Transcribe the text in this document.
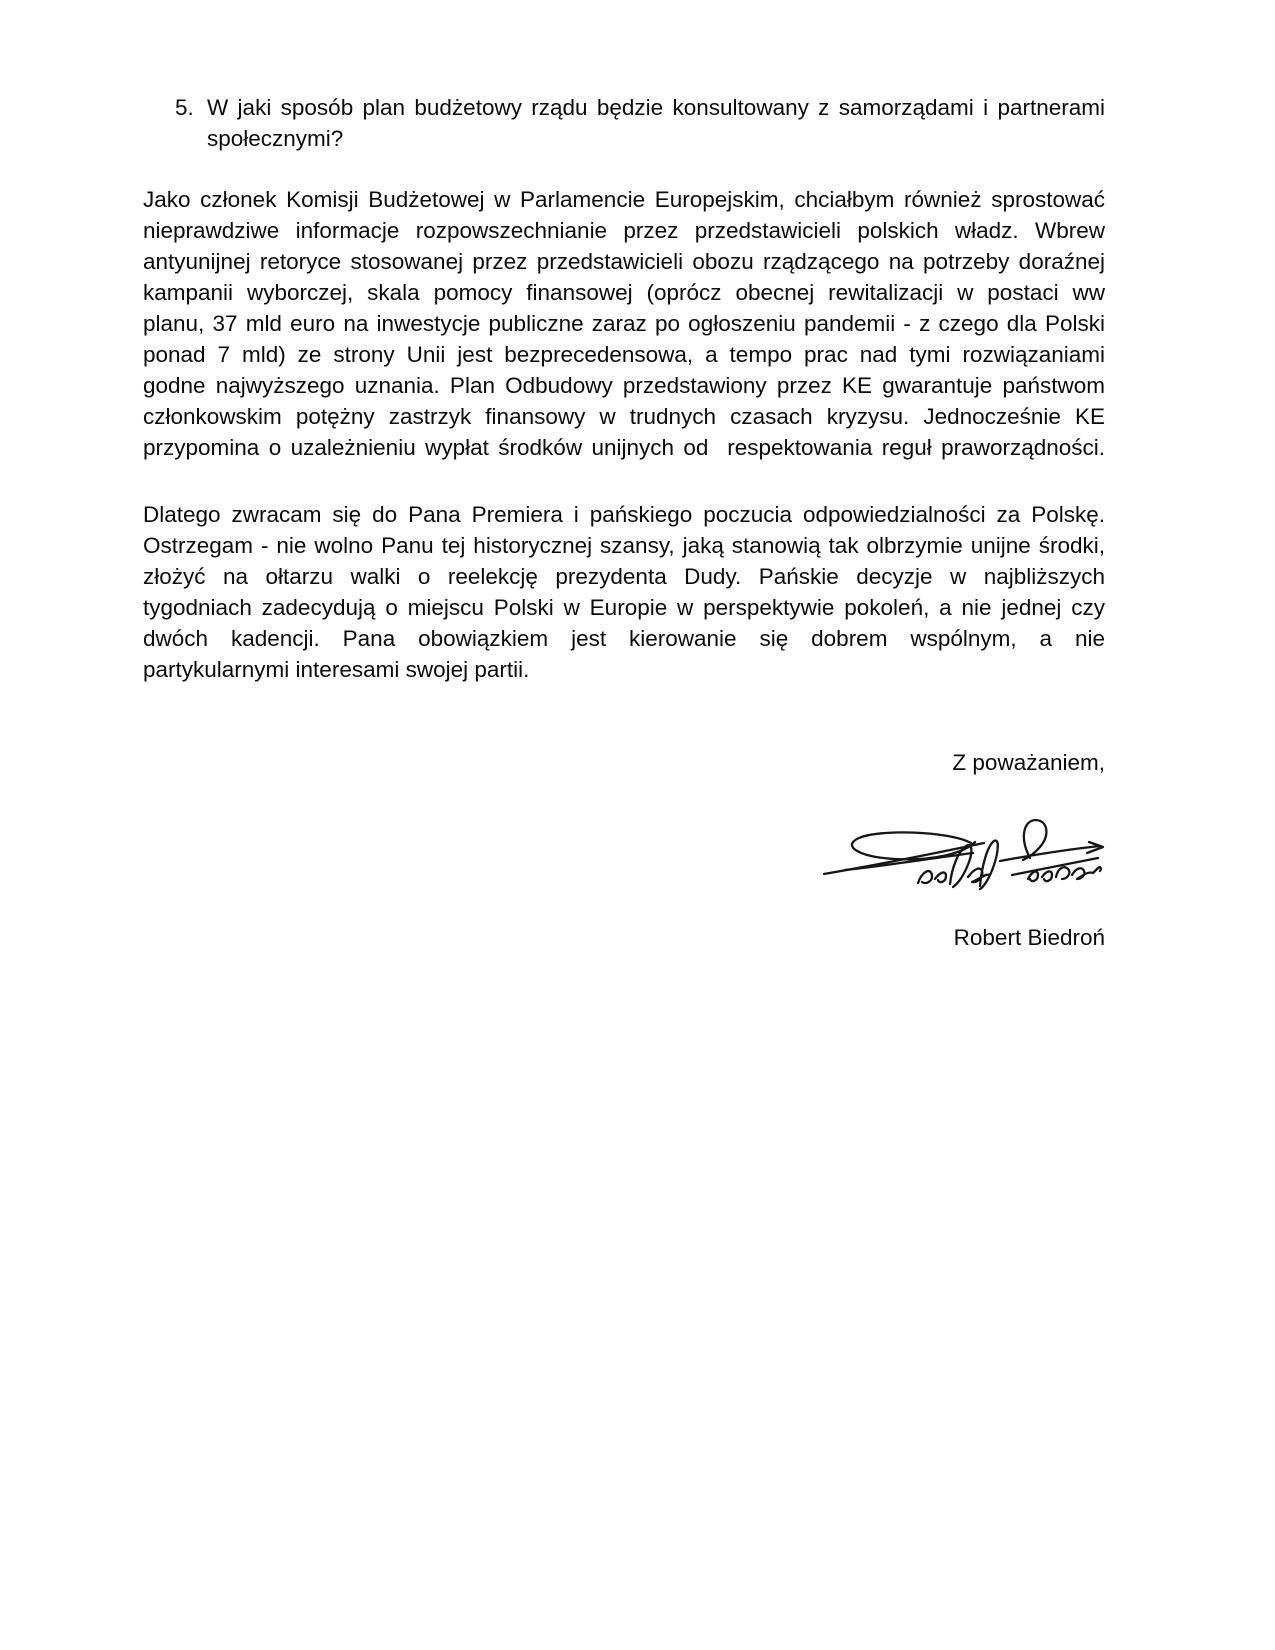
5. W jaki sposób plan budżetowy rządu będzie konsultowany z samorządami i partnerami
społecznymi?
Jako członek Komisji Budżetowej w Parlamencie Europejskim, chciałbym również sprostować
nieprawdziwe informacje rozpowszechnianie przez przedstawicieli polskich władz. Wbrew
antyunijnej retoryce stosowanej przez przedstawicieli obozu rządzącego na potrzeby doraźnej
kampanii wyborczej, skala pomocy finansowej (oprócz obecnej rewitalizacji w postaci ww
planu, 37 mld euro na inwestycje publiczne zaraz po ogłoszeniu pandemii - z czego dla Polski
ponad 7 mld) ze strony Unii jest bezprecedensowa, a tempo prac nad tymi rozwiązaniami
godne najwyższego uznania. Plan Odbudowy przedstawiony przez KE gwarantuje państwom
członkowskim potężny zastrzyk finansowy w trudnych czasach kryzysu. Jednocześnie KE
przypomina o uzależnieniu wypłat środków unijnych od  respektowania reguł praworządności.
Dlatego zwracam się do Pana Premiera i pańskiego poczucia odpowiedzialności za Polskę.
Ostrzegam - nie wolno Panu tej historycznej szansy, jaką stanowią tak olbrzymie unijne środki,
złożyć na ołtarzu walki o reelekcję prezydenta Dudy. Pańskie decyzje w najbliższych
tygodniach zadecydują o miejscu Polski w Europie w perspektywie pokoleń, a nie jednej czy
dwóch kadencji. Pana obowiązkiem jest kierowanie się dobrem wspólnym, a nie
partykularnymi interesami swojej partii.
Z poważaniem,
Robert Biedroń
